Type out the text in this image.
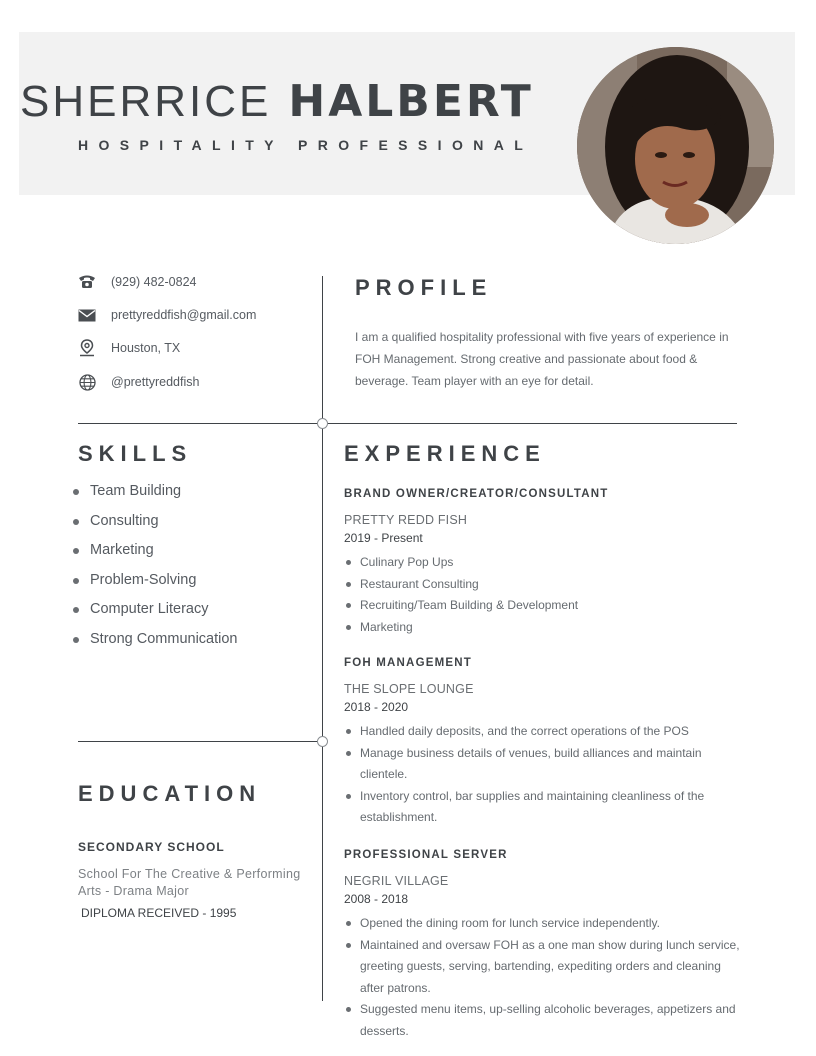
SHERRICE HALBERT
HOSPITALITY PROFESSIONAL
(929) 482-0824
prettyreddfish@gmail.com
Houston, TX
@prettyreddfish
PROFILE
I am a qualified hospitality professional with five years of experience in FOH Management. Strong creative and passionate about food & beverage. Team player with an eye for detail.
SKILLS
Team Building
Consulting
Marketing
Problem-Solving
Computer Literacy
Strong Communication
EDUCATION
SECONDARY SCHOOL
School For The Creative & Performing Arts - Drama Major
DIPLOMA RECEIVED - 1995
EXPERIENCE
BRAND OWNER/CREATOR/CONSULTANT
PRETTY REDD FISH
2019 - Present
Culinary Pop Ups
Restaurant Consulting
Recruiting/Team Building & Development
Marketing
FOH MANAGEMENT
THE SLOPE LOUNGE
2018 - 2020
Handled daily deposits, and the correct operations of the POS
Manage business details of venues, build alliances and maintain clientele.
Inventory control, bar supplies and maintaining cleanliness of the establishment.
PROFESSIONAL SERVER
NEGRIL VILLAGE
2008 - 2018
Opened the dining room for lunch service independently.
Maintained and oversaw FOH as a one man show during lunch service, greeting guests, serving, bartending, expediting orders and cleaning after patrons.
Suggested menu items, up-selling alcoholic beverages, appetizers and desserts.
